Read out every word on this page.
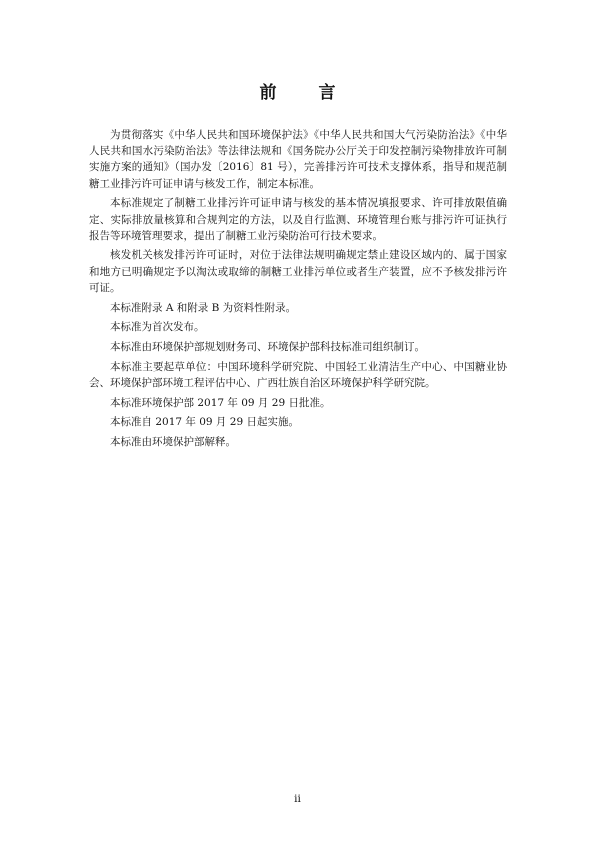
前 言

为贯彻落实《中华人民共和国环境保护法》《中华人民共和国大气污染防治法》《中华人民共和国水污染防治法》等法律法规和《国务院办公厅关于印发控制污染物排放许可制实施方案的通知》（国办发〔2016〕81 号），完善排污许可技术支撑体系，指导和规范制糖工业排污许可证申请与核发工作，制定本标准。

本标准规定了制糖工业排污许可证申请与核发的基本情况填报要求、许可排放限值确定、实际排放量核算和合规判定的方法，以及自行监测、环境管理台账与排污许可证执行报告等环境管理要求，提出了制糖工业污染防治可行技术要求。

核发机关核发排污许可证时，对位于法律法规明确规定禁止建设区域内的、属于国家和地方已明确规定予以淘汰或取缔的制糖工业排污单位或者生产装置，应不予核发排污许可证。

本标准附录 A 和附录 B 为资料性附录。

本标准为首次发布。

本标准由环境保护部规划财务司、环境保护部科技标准司组织制订。

本标准主要起草单位：中国环境科学研究院、中国轻工业清洁生产中心、中国糖业协会、环境保护部环境工程评估中心、广西壮族自治区环境保护科学研究院。

本标准环境保护部 2017 年 09 月 29 日批准。

本标准自 2017 年 09 月 29 日起实施。

本标准由环境保护部解释。

ii
